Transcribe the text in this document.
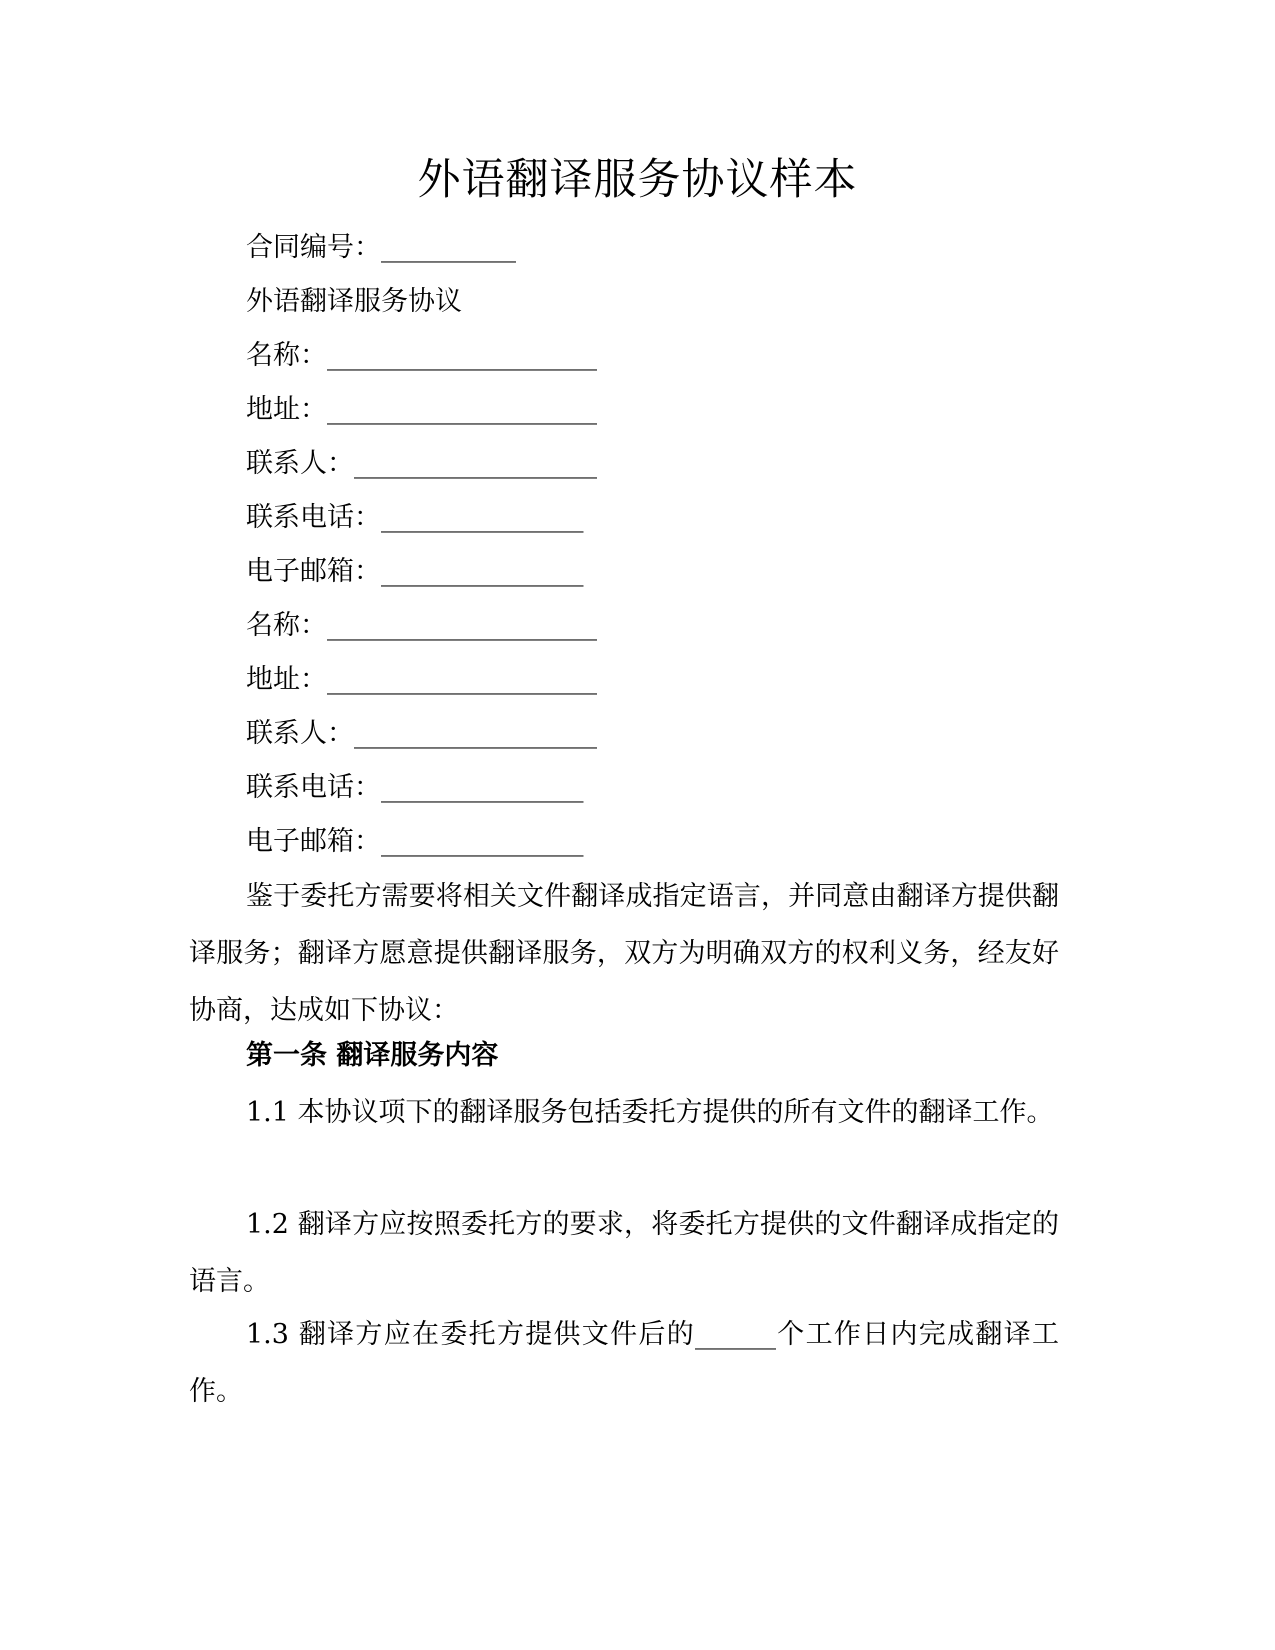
外语翻译服务协议样本
合同编号：__________
外语翻译服务协议
名称：____________________
地址：____________________
联系人：__________________
联系电话：_______________
电子邮箱：_______________
名称：____________________
地址：____________________
联系人：__________________
联系电话：_______________
电子邮箱：_______________
鉴于委托方需要将相关文件翻译成指定语言，并同意由翻译方提供翻译服务；翻译方愿意提供翻译服务，双方为明确双方的权利义务，经友好协商，达成如下协议：
第一条 翻译服务内容
1.1 本协议项下的翻译服务包括委托方提供的所有文件的翻译工作。
1.2 翻译方应按照委托方的要求，将委托方提供的文件翻译成指定的语言。
1.3 翻译方应在委托方提供文件后的______个工作日内完成翻译工作。
